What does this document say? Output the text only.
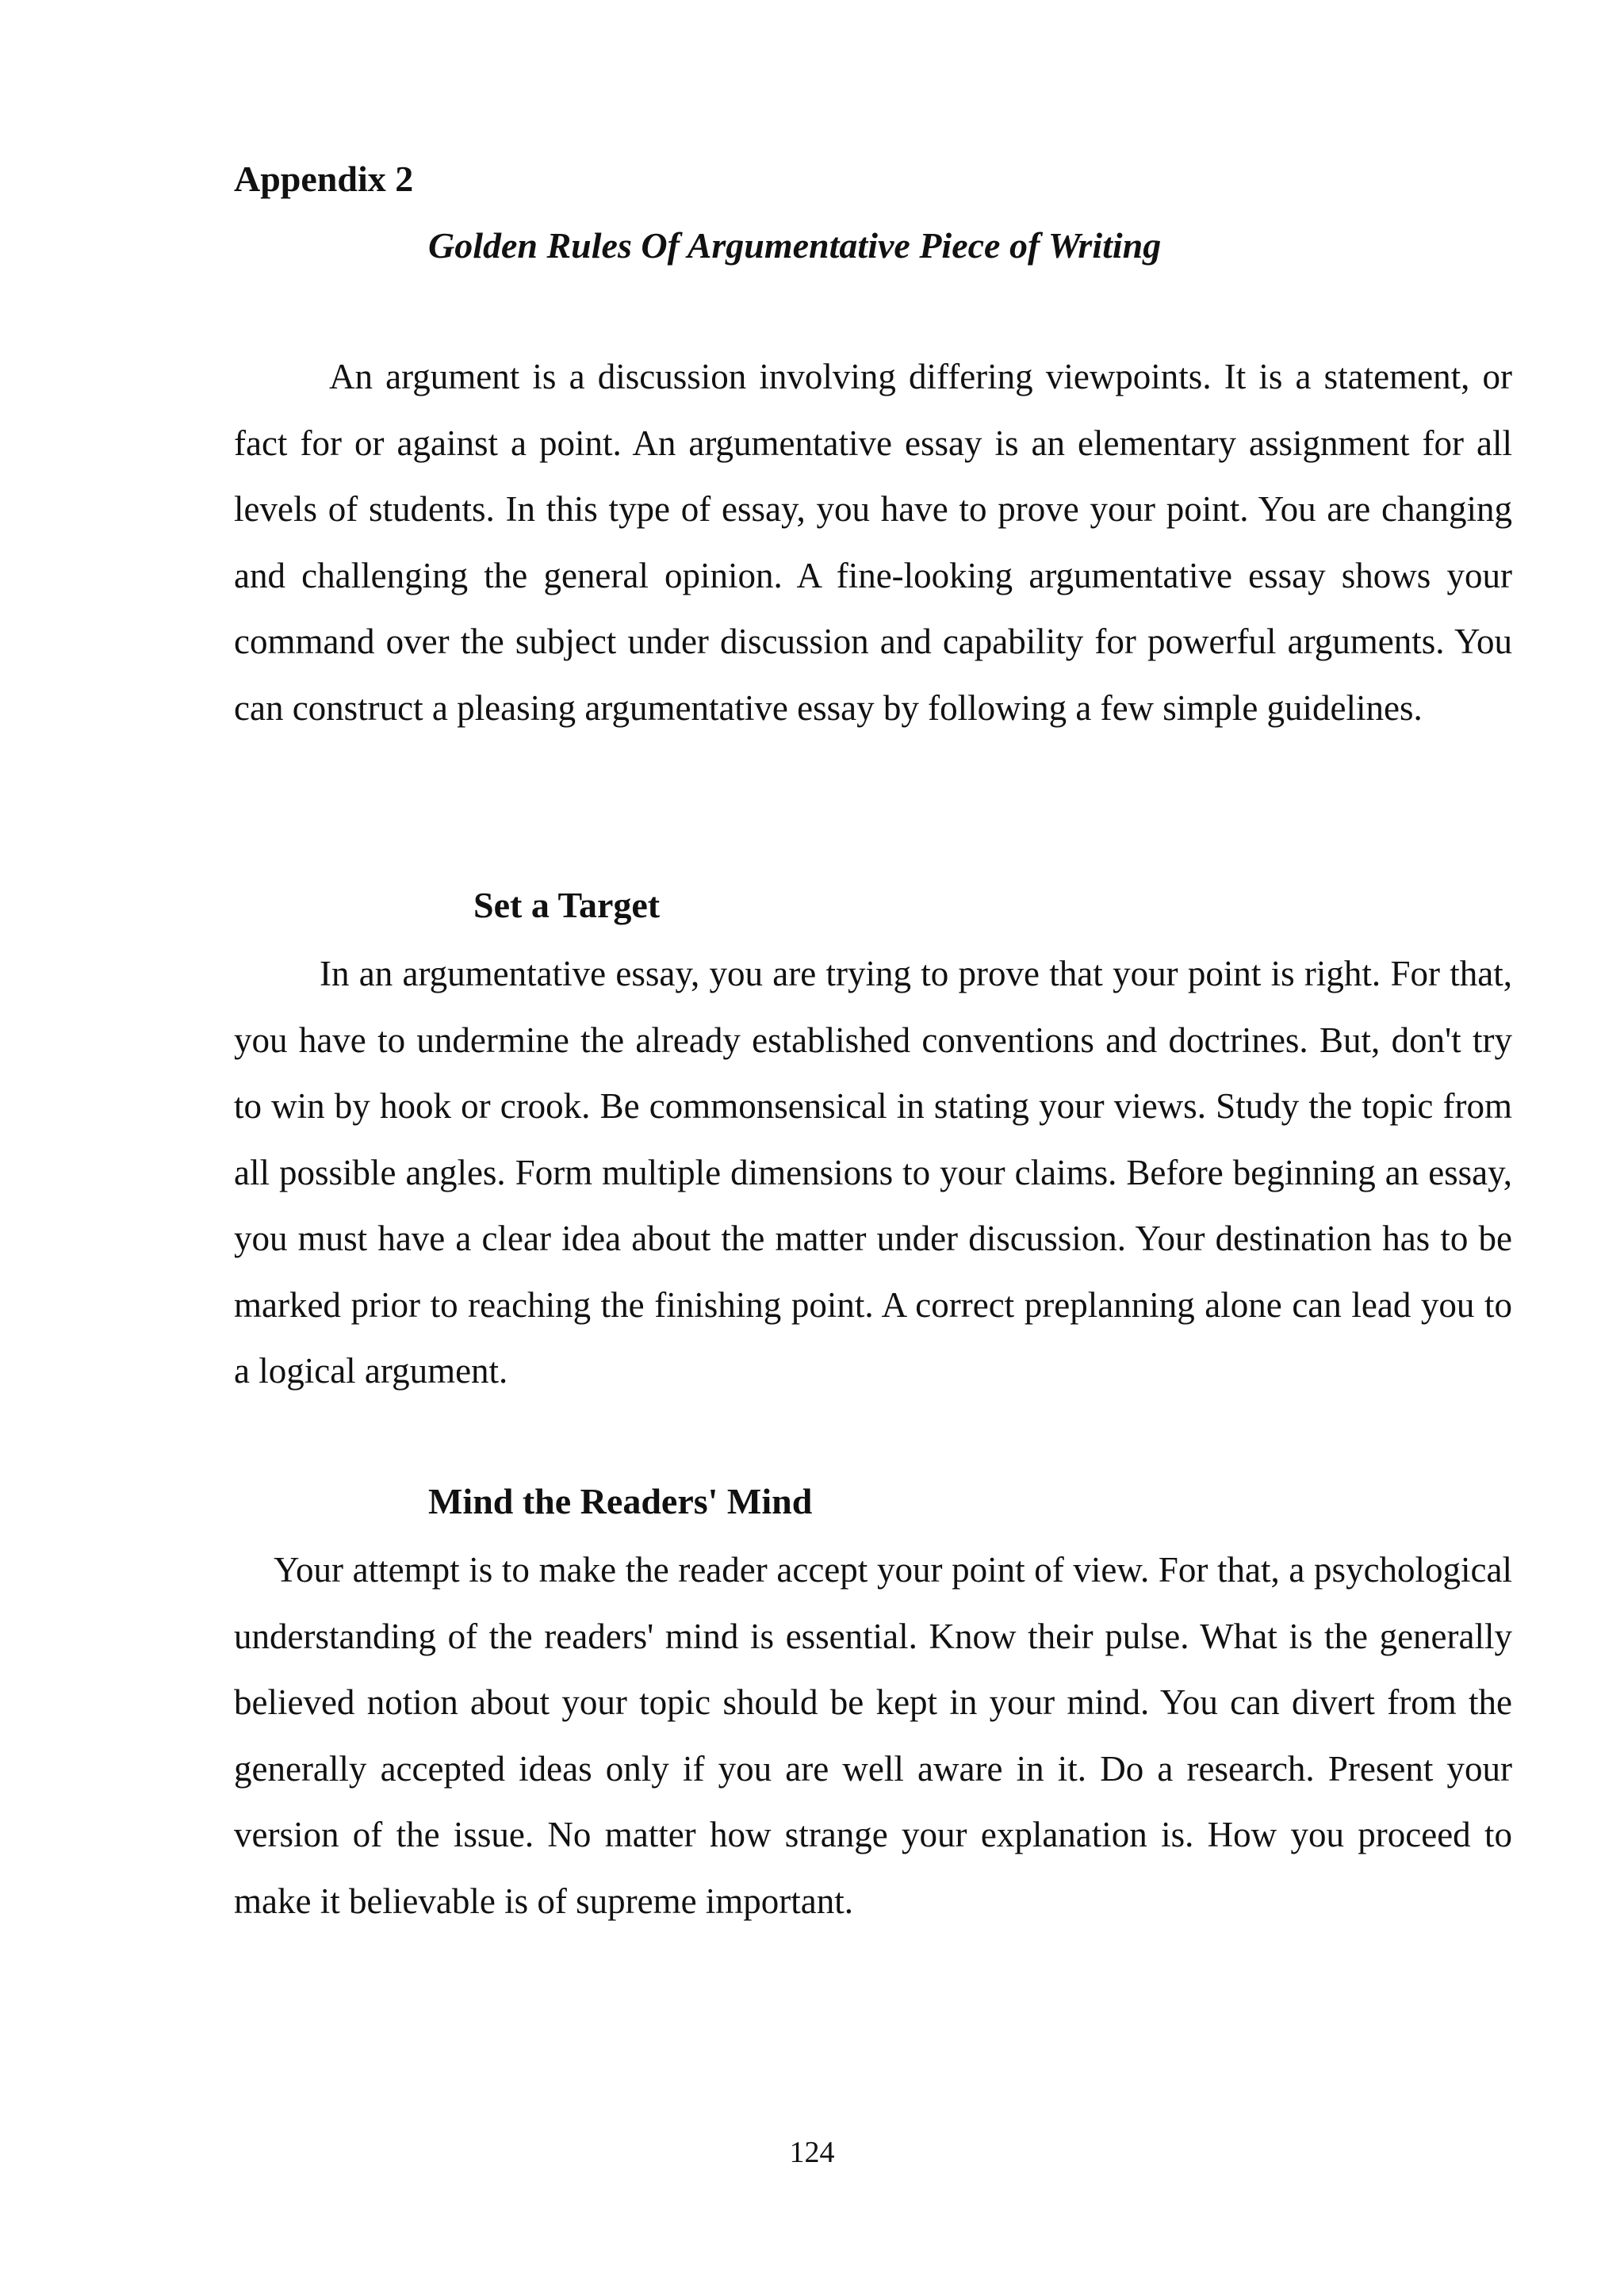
Appendix 2
Golden Rules Of Argumentative Piece of Writing

An argument is a discussion involving differing viewpoints. It is a statement, or fact for or against a point. An argumentative essay is an elementary assignment for all levels of students. In this type of essay, you have to prove your point. You are changing and challenging the general opinion. A fine-looking argumentative essay shows your command over the subject under discussion and capability for powerful arguments. You can construct a pleasing argumentative essay by following a few simple guidelines.

Set a Target

In an argumentative essay, you are trying to prove that your point is right. For that, you have to undermine the already established conventions and doctrines. But, don't try to win by hook or crook. Be commonsensical in stating your views. Study the topic from all possible angles. Form multiple dimensions to your claims. Before beginning an essay, you must have a clear idea about the matter under discussion. Your destination has to be marked prior to reaching the finishing point. A correct preplanning alone can lead you to a logical argument.

Mind the Readers' Mind

Your attempt is to make the reader accept your point of view. For that, a psychological understanding of the readers' mind is essential. Know their pulse. What is the generally believed notion about your topic should be kept in your mind. You can divert from the generally accepted ideas only if you are well aware in it. Do a research. Present your version of the issue. No matter how strange your explanation is. How you proceed to make it believable is of supreme important.

124
